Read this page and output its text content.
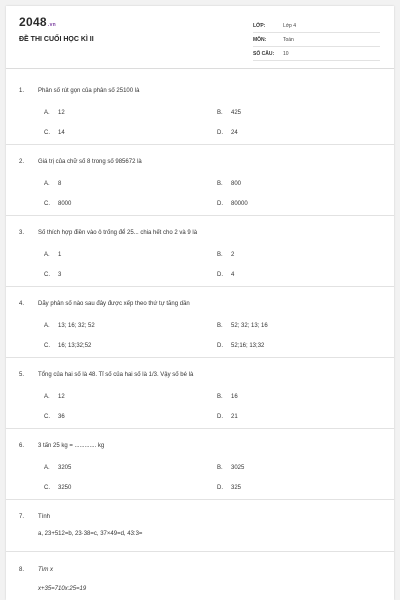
2048.vn
ĐỀ THI CUỐI HỌC KÌ II
LỚP:	Lớp 4
MÔN:	Toán
SỐ CÂU: 10
1. Phân số rút gọn của phân số 25100 là
A. 12	B. 425
C. 14	D. 24
2. Giá trị của chữ số 8 trong số 985672 là
A. 8	B. 800
C. 8000	D. 80000
3. Số thích hợp điền vào ô trống để 25... chia hết cho 2 và 9 là
A. 1	B. 2
C. 3	D. 4
4. Dãy phân số nào sau đây được xếp theo thứ tự tăng dần
A. 13; 16; 32; 52	B. 52; 32; 13; 16
C. 16; 13;32;52	D. 52;16; 13;32
5. Tổng của hai số là 48. Tỉ số của hai số là 1/3. Vậy số bé là
A. 12	B. 16
C. 36	D. 21
6. 3 tấn 25 kg = ............. kg
A. 3205	B. 3025
C. 3250	D. 325
7. Tính
a, 23+512=b, 23·38=c, 37×49=d, 43:3=
8. Tìm x
x+35=710x:25=19
